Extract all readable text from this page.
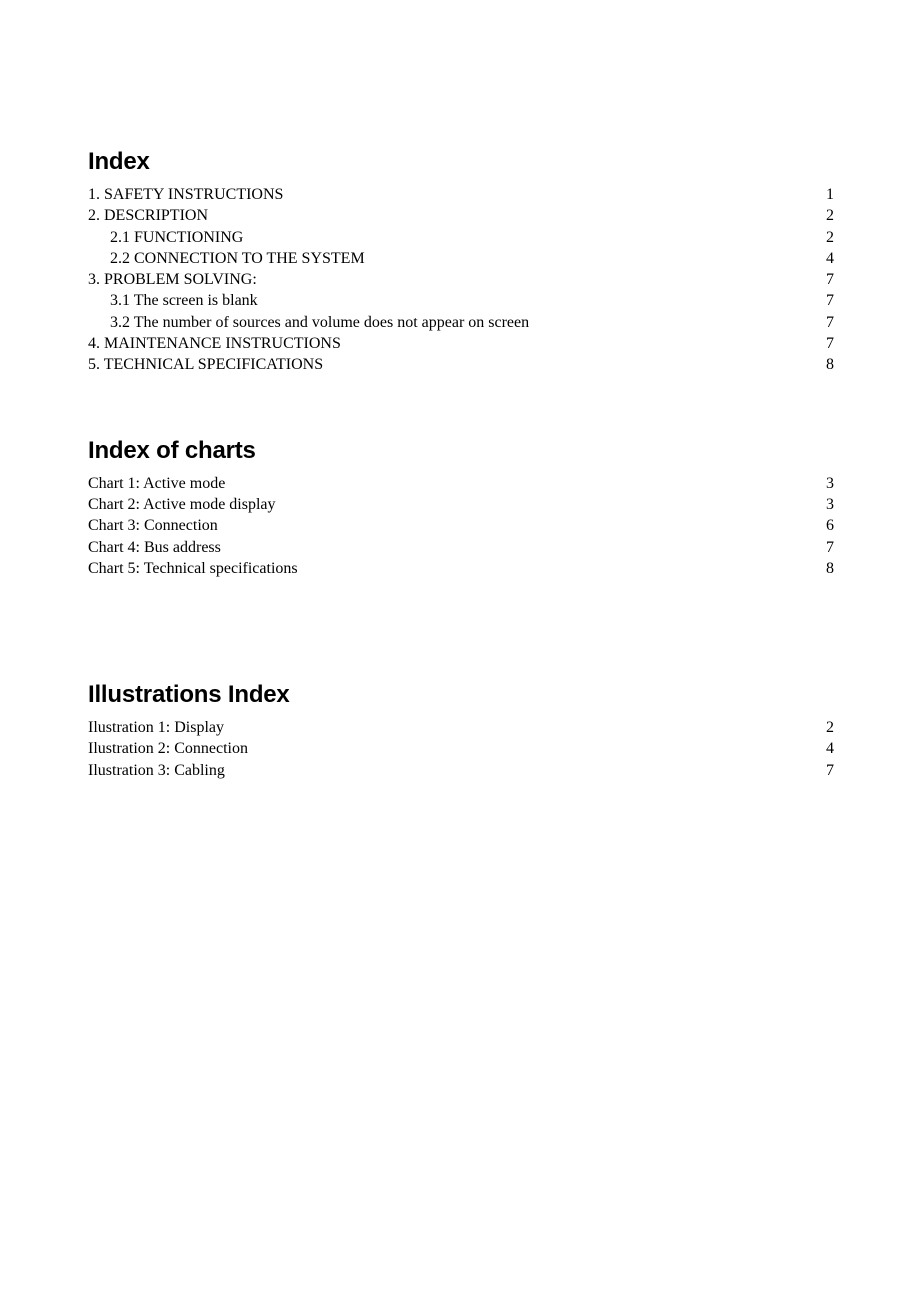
Index
1. SAFETY INSTRUCTIONS	1
2. DESCRIPTION	2
2.1 FUNCTIONING	2
2.2 CONNECTION TO THE SYSTEM	4
3. PROBLEM SOLVING:	7
3.1 The screen is blank	7
3.2 The number of sources and volume does not appear on screen	7
4. MAINTENANCE INSTRUCTIONS	7
5. TECHNICAL SPECIFICATIONS	8
Index of charts
Chart 1: Active mode	3
Chart 2: Active mode display	3
Chart 3: Connection	6
Chart 4: Bus address	7
Chart 5: Technical specifications	8
Illustrations Index
Ilustration 1: Display	2
Ilustration 2: Connection	4
Ilustration 3: Cabling	7
